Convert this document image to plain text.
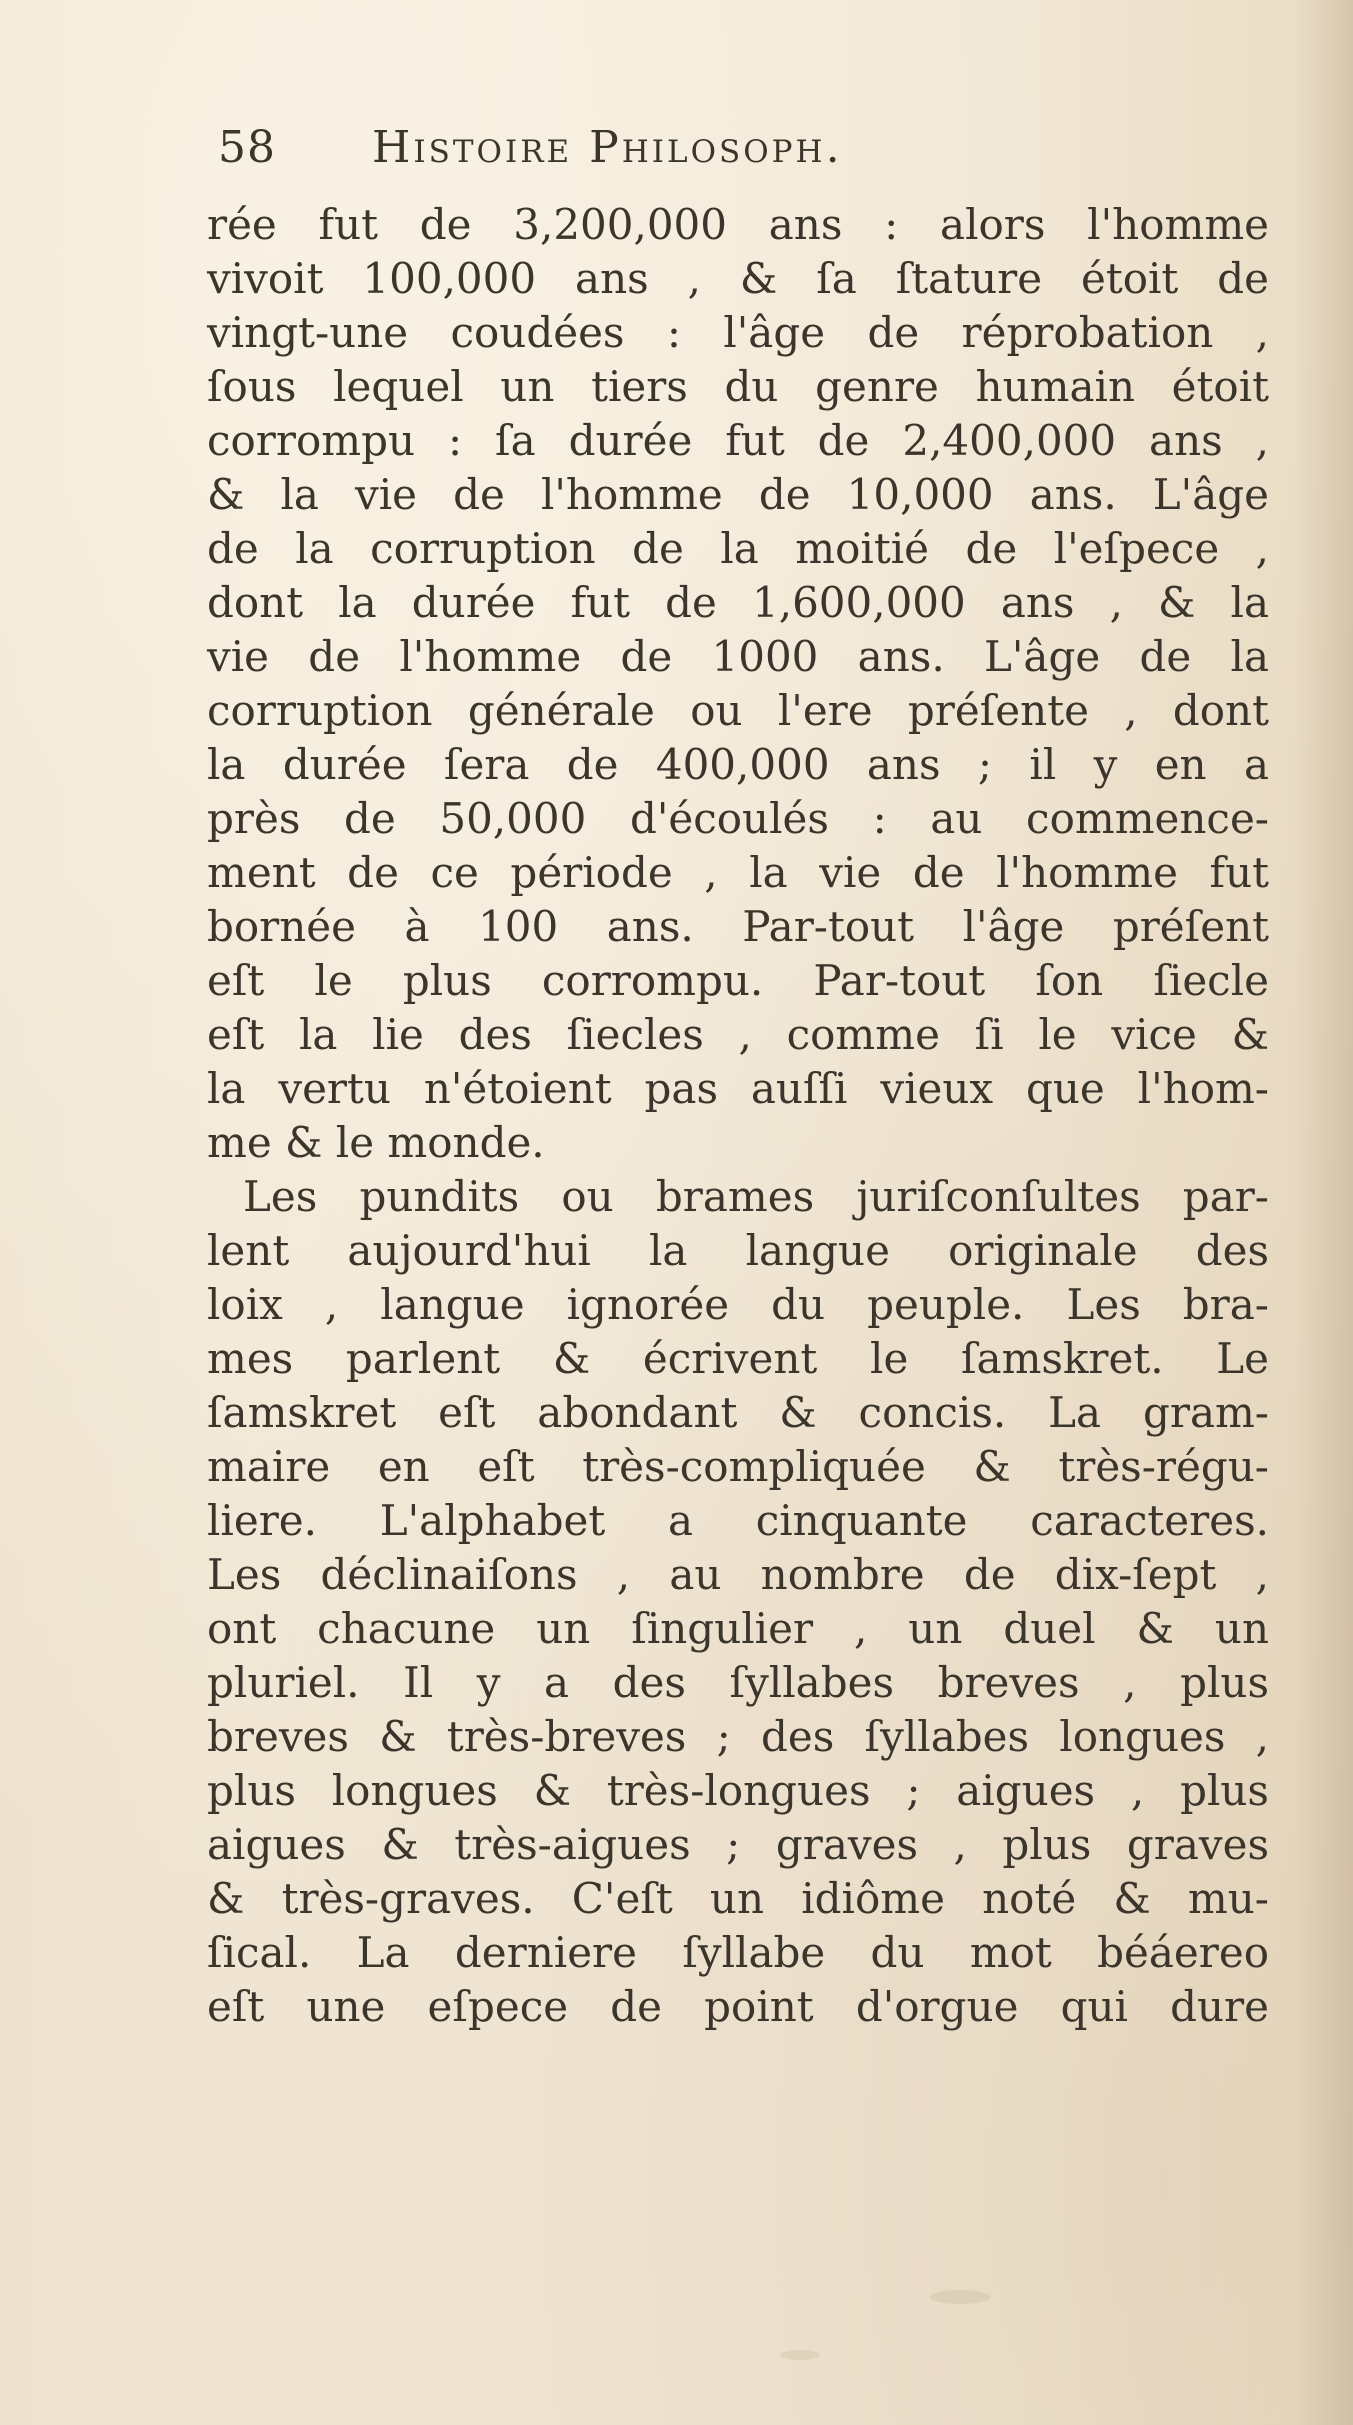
58 Histoire Philosoph.
rée fut de 3,200,000 ans : alors l'homme
vivoit 100,000 ans , & ſa ſtature étoit de
vingt-une coudées : l'âge de réprobation ,
ſous lequel un tiers du genre humain étoit
corrompu : ſa durée fut de 2,400,000 ans ,
& la vie de l'homme de 10,000 ans. L'âge
de la corruption de la moitié de l'eſpece ,
dont la durée fut de 1,600,000 ans , & la
vie de l'homme de 1000 ans. L'âge de la
corruption générale ou l'ere préſente , dont
la durée ſera de 400,000 ans ; il y en a
près de 50,000 d'écoulés : au commence-
ment de ce période , la vie de l'homme fut
bornée à 100 ans. Par-tout l'âge préſent
eſt le plus corrompu. Par-tout ſon ſiecle
eſt la lie des ſiecles , comme ſi le vice &
la vertu n'étoient pas auſſi vieux que l'hom-
me & le monde.
Les pundits ou brames juriſconſultes par-
lent aujourd'hui la langue originale des
loix , langue ignorée du peuple. Les bra-
mes parlent & écrivent le ſamskret. Le
ſamskret eſt abondant & concis. La gram-
maire en eſt très-compliquée & très-régu-
liere. L'alphabet a cinquante caracteres.
Les déclinaiſons , au nombre de dix-ſept ,
ont chacune un ſingulier , un duel & un
pluriel. Il y a des ſyllabes breves , plus
breves & très-breves ; des ſyllabes longues ,
plus longues & très-longues ; aigues , plus
aigues & très-aigues ; graves , plus graves
& très-graves. C'eſt un idiôme noté & mu-
ſical. La derniere ſyllabe du mot béáereo
eſt une eſpece de point d'orgue qui dure
